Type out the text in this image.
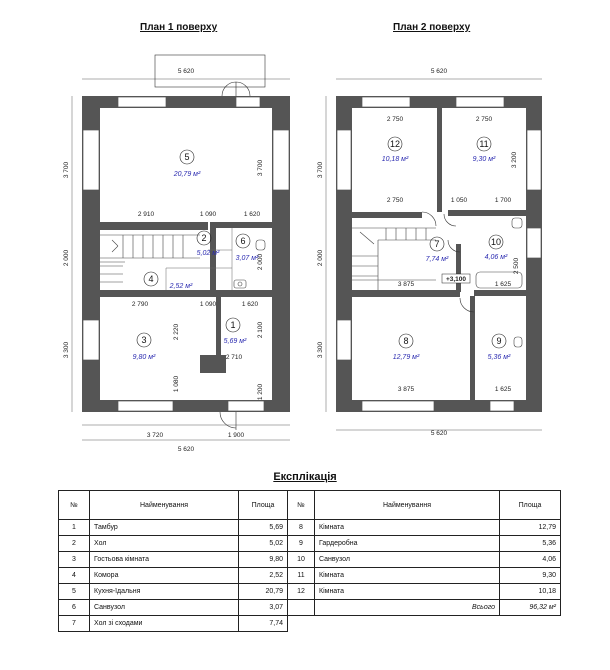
План 1 поверху	План 2 поверху
5 620
5 620
3 720	1 900
3 700
2 000
3 300
3 700
2 910	1 090	1 620
2 790	1 090	1 620
2 000
2 220
1 080
2 100
2 710
1 200
5
20,79 м²
2
5,02 м²
6
3,07 м²
4
2,52 м²
3
9,80 м²
1
5,69 м²
5 620
5 620
3 700
2 000
3 300
2 750	2 750
3 200
2 750	1 050	1 700
2 500
3 875
+3,100
1 625
3 875	1 625
12
10,18 м²
11
9,30 м²
7
7,74 м²
10
4,06 м²
8
12,79 м²
9
5,36 м²
Експлікація
№	Найменування	Площа	№	Найменування	Площа
1	Тамбур	5,69	8	Кімната	12,79
2	Хол	5,02	9	Гардеробна	5,36
3	Гостьова кімната	9,80	10	Санвузол	4,06
4	Комора	2,52	11	Кімната	9,30
5	Кухня-їдальня	20,79	12	Кімната	10,18
6	Санвузол	3,07		Всього	96,32 м²
7	Хол зі сходами	7,74			
